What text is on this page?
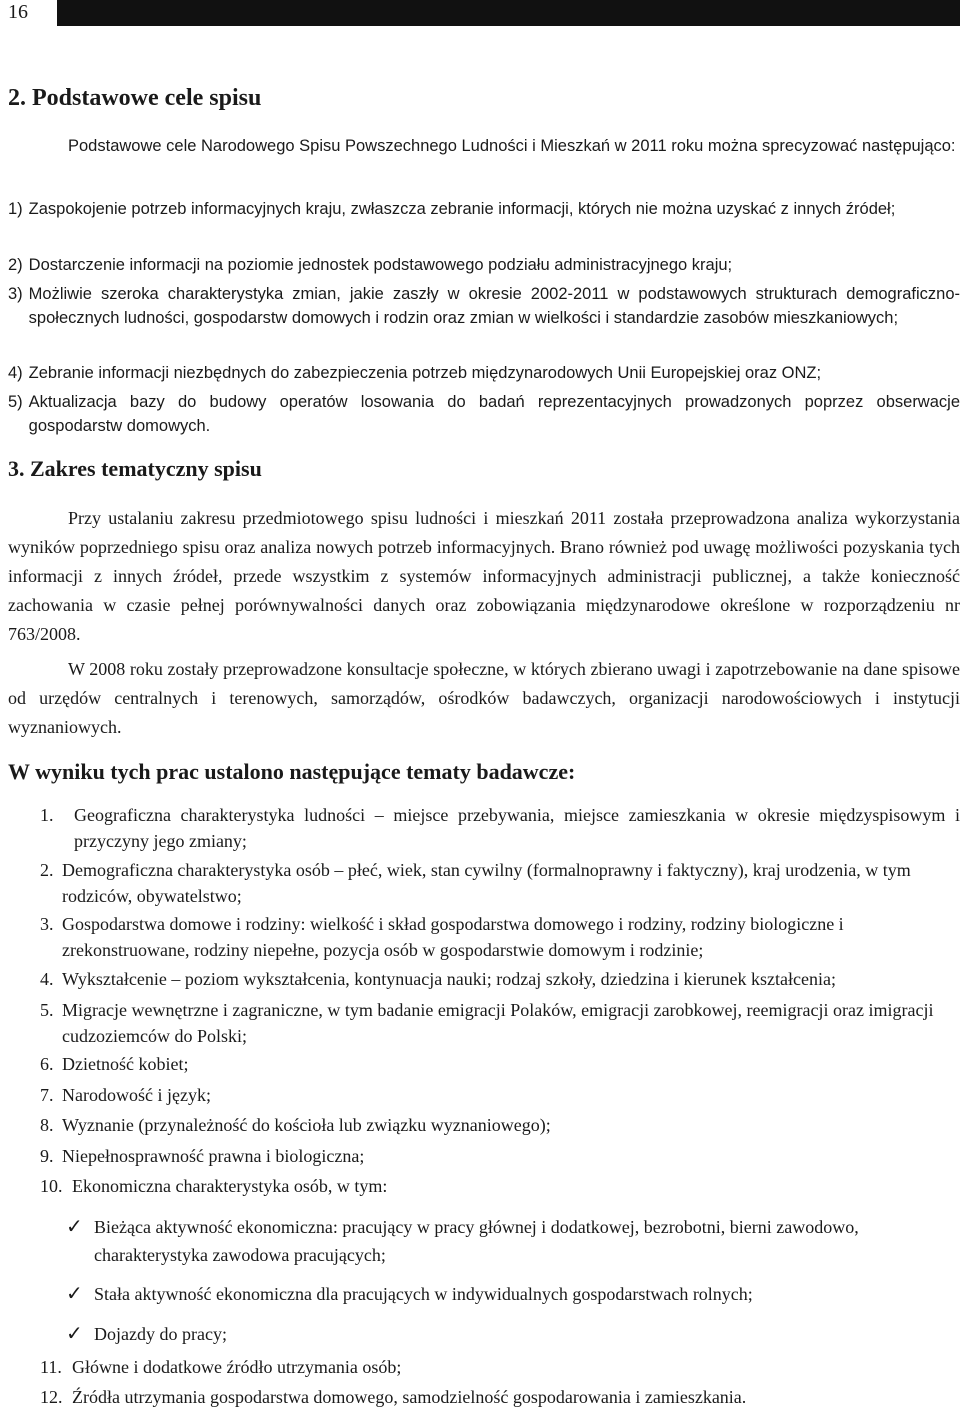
16
2. Podstawowe cele spisu

Podstawowe cele Narodowego Spisu Powszechnego Ludności i Mieszkań w 2011 roku można sprecyzować następująco:

1) Zaspokojenie potrzeb informacyjnych kraju, zwłaszcza zebranie informacji, których nie można uzyskać z innych źródeł;
2) Dostarczenie informacji na poziomie jednostek podstawowego podziału administracyjnego kraju;
3) Możliwie szeroka charakterystyka zmian, jakie zaszły w okresie 2002-2011 w podstawowych strukturach demograficzno-społecznych ludności, gospodarstw domowych i rodzin oraz zmian w wielkości i standardzie zasobów mieszkaniowych;
4) Zebranie informacji niezbędnych do zabezpieczenia potrzeb międzynarodowych Unii Europejskiej oraz ONZ;
5) Aktualizacja bazy do budowy operatów losowania do badań reprezentacyjnych prowadzonych poprzez obserwacje gospodarstw domowych.
3. Zakres tematyczny spisu

Przy ustalaniu zakresu przedmiotowego spisu ludności i mieszkań 2011 została przeprowadzona analiza wykorzystania wyników poprzedniego spisu oraz analiza nowych potrzeb informacyjnych. Brano również pod uwagę możliwości pozyskania tych informacji z innych źródeł, przede wszystkim z systemów informacyjnych administracji publicznej, a także konieczność zachowania w czasie pełnej porównywalności danych oraz zobowiązania międzynarodowe określone w rozporządzeniu nr 763/2008.

W 2008 roku zostały przeprowadzone konsultacje społeczne, w których zbierano uwagi i zapotrzebowanie na dane spisowe od urzędów centralnych i terenowych, samorządów, ośrodków badawczych, organizacji narodowościowych i instytucji wyznaniowych.

W wyniku tych prac ustalono następujące tematy badawcze:
1.	Geograficzna charakterystyka ludności – miejsce przebywania, miejsce zamieszkania w okresie międzyspisowym i przyczyny jego zmiany;
2. Demograficzna charakterystyka osób – płeć, wiek, stan cywilny (formalnoprawny i faktyczny), kraj urodzenia, w tym rodziców, obywatelstwo;
3. Gospodarstwa domowe i rodziny: wielkość i skład gospodarstwa domowego i rodziny, rodziny biologiczne i zrekonstruowane, rodziny niepełne, pozycja osób w gospodarstwie domowym i rodzinie;
4. Wykształcenie – poziom wykształcenia, kontynuacja nauki; rodzaj szkoły, dziedzina i kierunek kształcenia;
5. Migracje wewnętrzne i zagraniczne, w tym badanie emigracji Polaków, emigracji zarobkowej, reemigracji oraz imigracji cudzoziemców do Polski;
6. Dzietność kobiet;
7. Narodowość i język;
8. Wyznanie (przynależność do kościoła lub związku wyznaniowego);
9. Niepełnosprawność prawna i biologiczna;
10. Ekonomiczna charakterystyka osób, w tym:
✓ Bieżąca aktywność ekonomiczna: pracujący w pracy głównej i dodatkowej, bezrobotni, bierni zawodowo, charakterystyka zawodowa pracujących;
✓ Stała aktywność ekonomiczna dla pracujących w indywidualnych gospodarstwach rolnych;
✓ Dojazdy do pracy;
11. Główne i dodatkowe źródło utrzymania osób;
12. Źródła utrzymania gospodarstwa domowego, samodzielność gospodarowania i zamieszkania.
